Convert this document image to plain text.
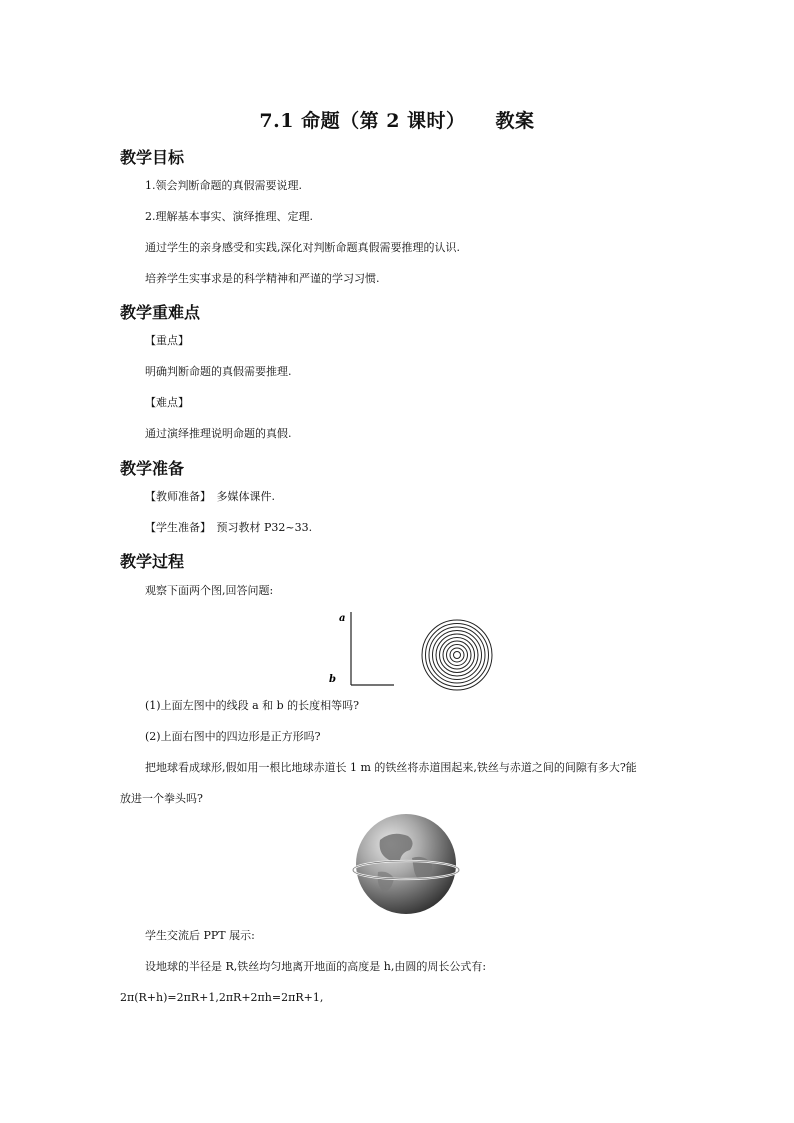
7.1 命题（第 2 课时） 教案
教学目标
1.领会判断命题的真假需要说理.
2.理解基本事实、演绎推理、定理.
通过学生的亲身感受和实践,深化对判断命题真假需要推理的认识.
培养学生实事求是的科学精神和严谨的学习习惯.
教学重难点
【重点】
明确判断命题的真假需要推理.
【难点】
通过演绎推理说明命题的真假.
教学准备
【教师准备】　多媒体课件.
【学生准备】　预习教材 P32~33.
教学过程
观察下面两个图,回答问题:
a
b
(1)上面左图中的线段 a 和 b 的长度相等吗?
(2)上面右图中的四边形是正方形吗?
把地球看成球形,假如用一根比地球赤道长 1 m 的铁丝将赤道围起来,铁丝与赤道之间的间隙有多大?能
放进一个拳头吗?
学生交流后 PPT 展示:
设地球的半径是 R,铁丝均匀地离开地面的高度是 h,由圆的周长公式有:
2π(R+h)=2πR+1,2πR+2πh=2πR+1,
